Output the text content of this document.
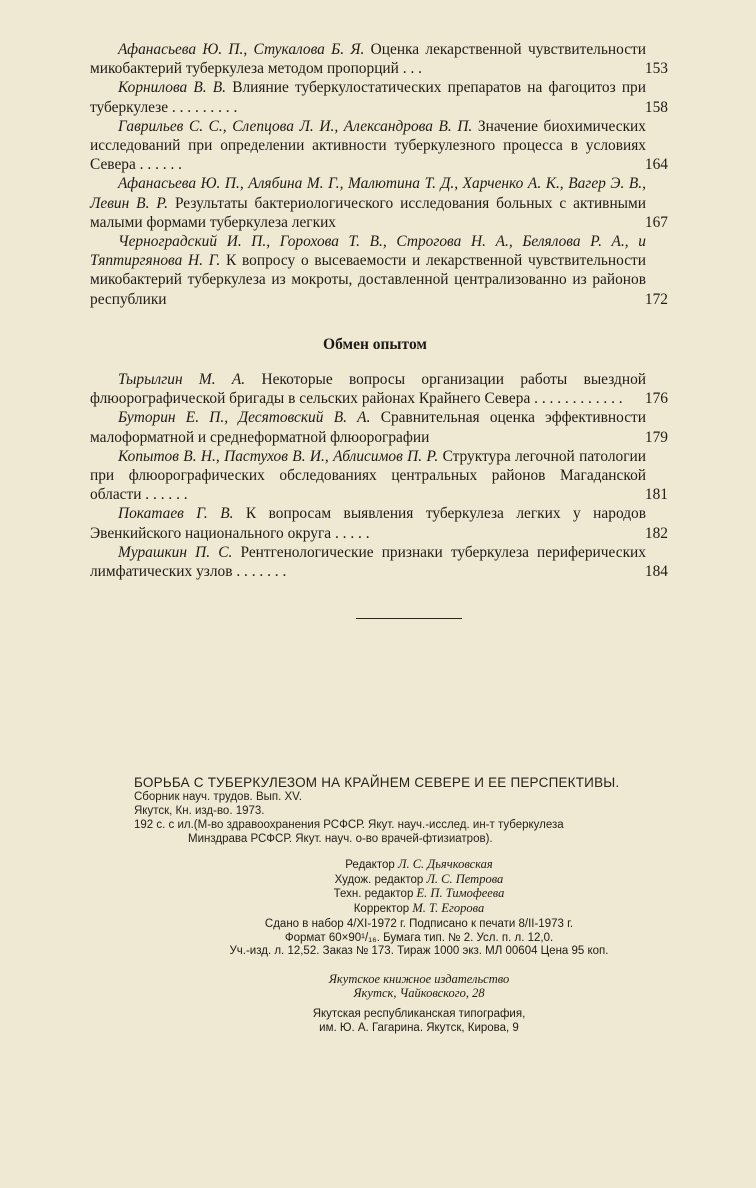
Афанасьева Ю. П., Стукалова Б. Я. Оценка лекарственной чувствительности микобактерий туберкулеза методом пропорций . . .	153
Корнилова В. В. Влияние туберкулостатических препаратов на фагоцитоз при туберкулезе . . . . . . . . .	158
Гаврильев С. С., Слепцова Л. И., Александрова В. П. Значение биохимических исследований при определении активности туберкулезного процесса в условиях Севера . . . . . .	164
Афанасьева Ю. П., Алябина М. Г., Малютина Т. Д., Харченко А. К., Вагер Э. В., Левин В. Р. Результаты бактериологического исследования больных с активными малыми формами туберкулеза легких	167
Черноградский И. П., Горохова Т. В., Строгова Н. А., Белялова Р. А., и Тяптиргянова Н. Г. К вопросу о высеваемости и лекарственной чувствительности микобактерий туберкулеза из мокроты, доставленной централизованно из районов республики	172
Обмен опытом
Тырылгин М. А. Некоторые вопросы организации работы выездной флюорографической бригады в сельских районах Крайнего Севера . . . . . . . . . . . .	176
Буторин Е. П., Десятовский В. А. Сравнительная оценка эффективности малоформатной и среднеформатной флюорографии	179
Копытов В. Н., Пастухов В. И., Аблисимов П. Р. Структура легочной патологии при флюорографических обследованиях центральных районов Магаданской области . . . . . .	181
Покатаев Г. В. К вопросам выявления туберкулеза легких у народов Эвенкийского национального округа . . . . .	182
Мурашкин П. С. Рентгенологические признаки туберкулеза периферических лимфатических узлов . . . . . . .	184
БОРЬБА С ТУБЕРКУЛЕЗОМ НА КРАЙНЕМ СЕВЕРЕ И ЕЕ ПЕРСПЕКТИВЫ.
Сборник науч. трудов. Вып. XV.
Якутск, Кн. изд-во. 1973.
192 с. с ил.(М-во здравоохранения РСФСР. Якут. науч.-исслед. ин-т туберкулеза
Минздрава РСФСР. Якут. науч. о-во врачей-фтизиатров).
Редактор Л. С. Дьячковская
Худож. редактор Л. С. Петрова
Техн. редактор Е. П. Тимофеева
Корректор М. Т. Егорова
Сдано в набор 4/XI-1972 г. Подписано к печати 8/II-1973 г.
Формат 60×90¹/₁₆. Бумага тип. № 2. Усл. п. л. 12,0.
Уч.-изд. л. 12,52. Заказ № 173. Тираж 1000 экз. МЛ 00604 Цена 95 коп.
Якутское книжное издательство
Якутск, Чайковского, 28
Якутская республиканская типография,
им. Ю. А. Гагарина. Якутск, Кирова, 9
